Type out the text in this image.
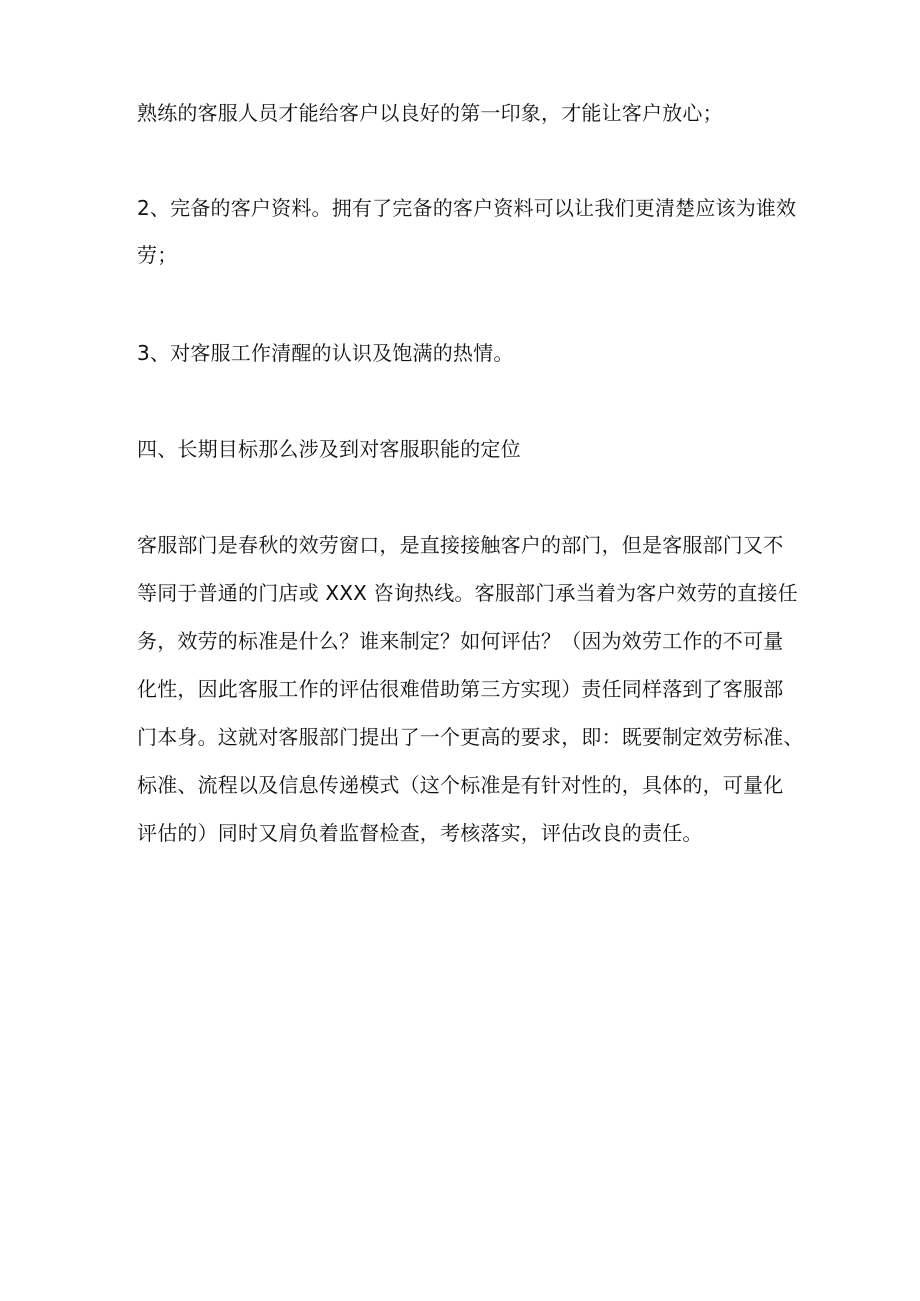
熟练的客服人员才能给客户以良好的第一印象，才能让客户放心；
2、完备的客户资料。拥有了完备的客户资料可以让我们更清楚应该为谁效
劳；
3、对客服工作清醒的认识及饱满的热情。
四、长期目标那么涉及到对客服职能的定位
客服部门是春秋的效劳窗口，是直接接触客户的部门，但是客服部门又不
等同于普通的门店或 XXX 咨询热线。客服部门承当着为客户效劳的直接任
务，效劳的标准是什么？谁来制定？如何评估？（因为效劳工作的不可量
化性，因此客服工作的评估很难借助第三方实现）责任同样落到了客服部
门本身。这就对客服部门提出了一个更高的要求，即：既要制定效劳标准、
标准、流程以及信息传递模式（这个标准是有针对性的，具体的，可量化
评估的）同时又肩负着监督检查，考核落实，评估改良的责任。
